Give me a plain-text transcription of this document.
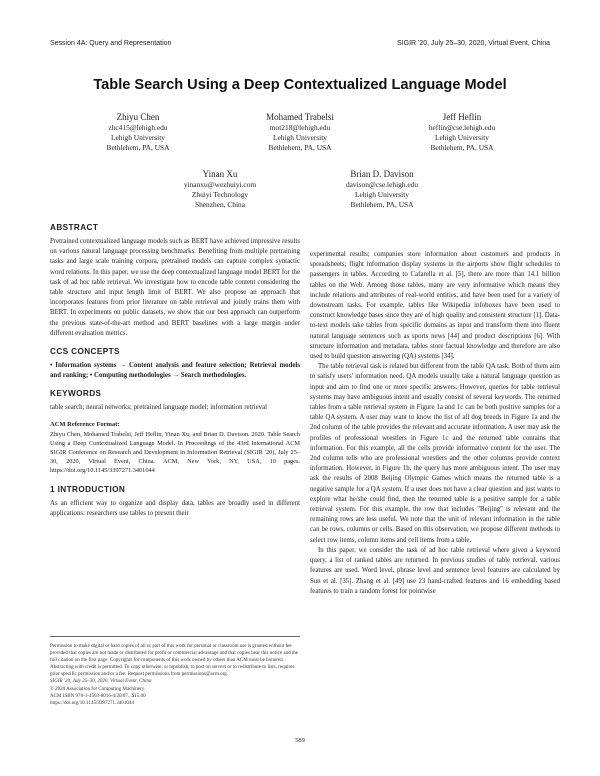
Session 4A: Query and Representation	SIGIR '20, July 25–30, 2020, Virtual Event, China
Table Search Using a Deep Contextualized Language Model
Zhiyu Chen
zhc415@lehigh.edu
Lehigh University
Bethlehem, PA, USA
Mohamed Trabelsi
mot218@lehigh.edu
Lehigh University
Bethlehem, PA, USA
Jeff Heflin
heflin@cse.lehigh.edu
Lehigh University
Bethlehem, PA, USA
Yinan Xu
yinanxu@wezhuiyi.com
Zhuiyi Technology
Shenzhen, China
Brian D. Davison
davison@cse.lehigh.edu
Lehigh University
Bethlehem, PA, USA
ABSTRACT

Pretrained contextualized language models such as BERT have achieved impressive results on various natural language processing benchmarks. Benefiting from multiple pretraining tasks and large scale training corpora, pretrained models can capture complex syntactic word relations. In this paper, we use the deep contextualized language model BERT for the task of ad hoc table retrieval. We investigate how to encode table content considering the table structure and input length limit of BERT. We also propose an approach that incorporates features from prior literature on table retrieval and jointly trains them with BERT. In experiments on public datasets, we show that our best approach can outperform the previous state-of-the-art method and BERT baselines with a large margin under different evaluation metrics.

CCS CONCEPTS

• Information systems → Content analysis and feature selection; Retrieval models and ranking; • Computing methodologies → Search methodologies.

KEYWORDS

table search; neural networks; pretrained language model; information retrieval

ACM Reference Format:

Zhiyu Chen, Mohamed Trabelsi, Jeff Heflin, Yinan Xu, and Brian D. Davison. 2020. Table Search Using a Deep Contextualized Language Model. In Proceedings of the 43rd International ACM SIGIR Conference on Research and Development in Information Retrieval (SIGIR '20), July 25–30, 2020, Virtual Event, China. ACM, New York, NY, USA, 10 pages. https://doi.org/10.1145/3397271.3401044

1 INTRODUCTION

As an efficient way to organize and display data, tables are broadly used in different applications: researchers use tables to present their

Permission to make digital or hard copies of all or part of this work for personal or classroom use is granted without fee provided that copies are not made or distributed for profit or commercial advantage and that copies bear this notice and the full citation on the first page. Copyrights for components of this work owned by others than ACM must be honored. Abstracting with credit is permitted. To copy otherwise, or republish, to post on servers or to redistribute to lists, requires prior specific permission and/or a fee. Request permissions from permissions@acm.org.

SIGIR '20, July 25–30, 2020, Virtual Event, China

© 2020 Association for Computing Machinery.

ACM ISBN 978-1-4503-8016-4/20/07...$15.00

https://doi.org/10.1145/3397271.3401044

experimental results; companies store information about customers and products in spreadsheets; flight information display systems in the airports show flight schedules to passengers in tables. According to Cafarella et al. [5], there are more than 14.1 billion tables on the Web. Among those tables, many are very informative which means they include relations and attributes of real-world entities, and have been used for a variety of downstream tasks. For example, tables like Wikipedia infoboxes have been used to construct knowledge bases since they are of high quality and consistent structure [1]. Data-to-text models take tables from specific domains as input and transform them into fluent natural language sentences such as sports news [44] and product descriptions [6]. With structure information and metadata, tables store factual knowledge and therefore are also used to build question answering (QA) systems [34].

The table retrieval task is related but different from the table QA task. Both of them aim to satisfy users' information need. QA models usually take a natural language question as input and aim to find one or more specific answers. However, queries for table retrieval systems may have ambiguous intent and usually consist of several keywords. The returned tables from a table retrieval system in Figure 1a and 1c can be both positive samples for a table QA system. A user may want to know the list of all dog breeds in Figure 1a and the 2nd column of the table provides the relevant and accurate information. A user may ask the profiles of professional wrestlers in Figure 1c and the returned table contains that information. For this example, all the cells provide informative content for the user. The 2nd column tells who are professional wrestlers and the other columns provide context information. However, in Figure 1b, the query has more ambiguous intent. The user may ask the results of 2008 Beijing Olympic Games which means the returned table is a negative sample for a QA system. If a user does not have a clear question and just wants to explore what he/she could find, then the returned table is a positive sample for a table retrieval system. For this example, the row that includes "Beijing" is relevant and the remaining rows are less useful. We note that the unit of relevant information in the table can be rows, columns or cells. Based on this observation, we propose different methods to select row items, column items and cell items from a table.

In this paper, we consider the task of ad hoc table retrieval where given a keyword query, a list of ranked tables are returned. In previous studies of table retrieval, various features are used. Word level, phrase level and sentence level features are calculated by Sun et al. [35]. Zhang et al. [49] use 23 hand-crafted features and 16 embedding based features to train a random forest for pointwise

589
